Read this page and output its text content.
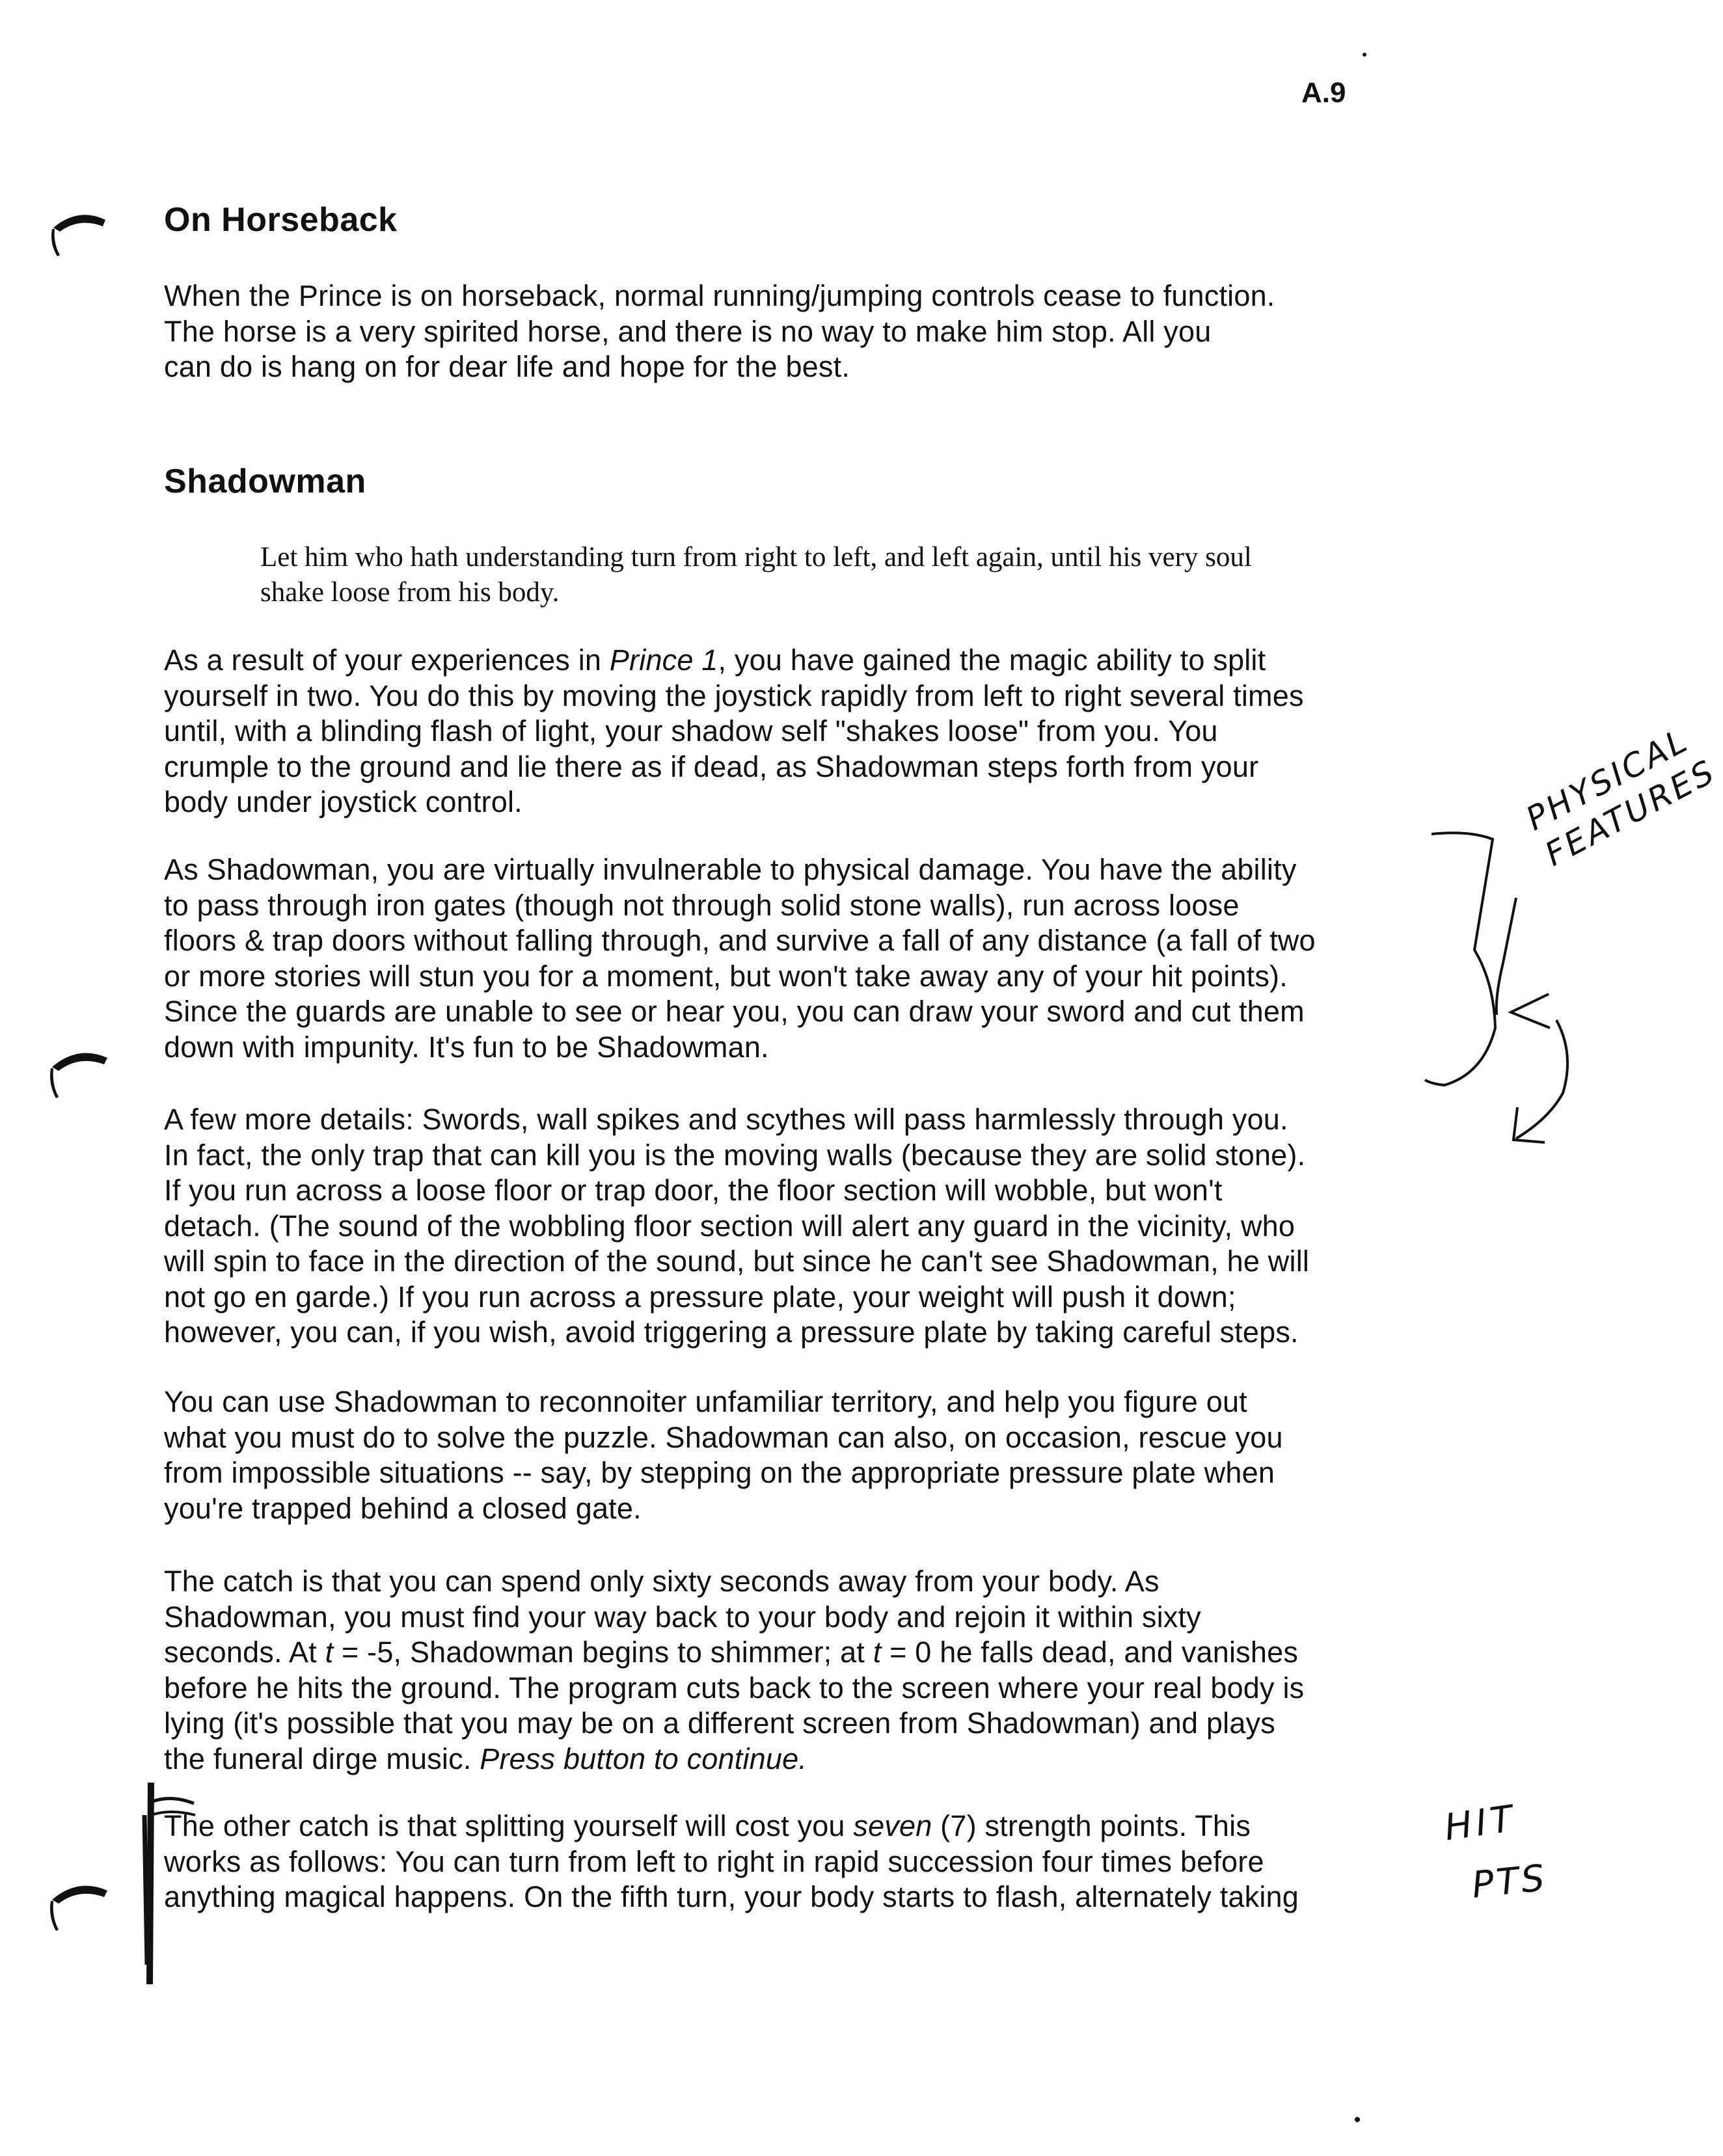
A.9
On Horseback
When the Prince is on horseback, normal running/jumping controls cease to function.
The horse is a very spirited horse, and there is no way to make him stop. All you
can do is hang on for dear life and hope for the best.
Shadowman
Let him who hath understanding turn from right to left, and left again, until his very soul
shake loose from his body.
As a result of your experiences in Prince 1, you have gained the magic ability to split
yourself in two. You do this by moving the joystick rapidly from left to right several times
until, with a blinding flash of light, your shadow self "shakes loose" from you. You
crumple to the ground and lie there as if dead, as Shadowman steps forth from your
body under joystick control.
As Shadowman, you are virtually invulnerable to physical damage. You have the ability
to pass through iron gates (though not through solid stone walls), run across loose
floors & trap doors without falling through, and survive a fall of any distance (a fall of two
or more stories will stun you for a moment, but won't take away any of your hit points).
Since the guards are unable to see or hear you, you can draw your sword and cut them
down with impunity. It's fun to be Shadowman.
A few more details: Swords, wall spikes and scythes will pass harmlessly through you.
In fact, the only trap that can kill you is the moving walls (because they are solid stone).
If you run across a loose floor or trap door, the floor section will wobble, but won't
detach. (The sound of the wobbling floor section will alert any guard in the vicinity, who
will spin to face in the direction of the sound, but since he can't see Shadowman, he will
not go en garde.) If you run across a pressure plate, your weight will push it down;
however, you can, if you wish, avoid triggering a pressure plate by taking careful steps.
You can use Shadowman to reconnoiter unfamiliar territory, and help you figure out
what you must do to solve the puzzle. Shadowman can also, on occasion, rescue you
from impossible situations -- say, by stepping on the appropriate pressure plate when
you're trapped behind a closed gate.
The catch is that you can spend only sixty seconds away from your body. As
Shadowman, you must find your way back to your body and rejoin it within sixty
seconds. At t = -5, Shadowman begins to shimmer; at t = 0 he falls dead, and vanishes
before he hits the ground. The program cuts back to the screen where your real body is
lying (it's possible that you may be on a different screen from Shadowman) and plays
the funeral dirge music. Press button to continue.
The other catch is that splitting yourself will cost you seven (7) strength points. This
works as follows: You can turn from left to right in rapid succession four times before
anything magical happens. On the fifth turn, your body starts to flash, alternately taking
PHYSICAL FEATURES
HIT
PTS
